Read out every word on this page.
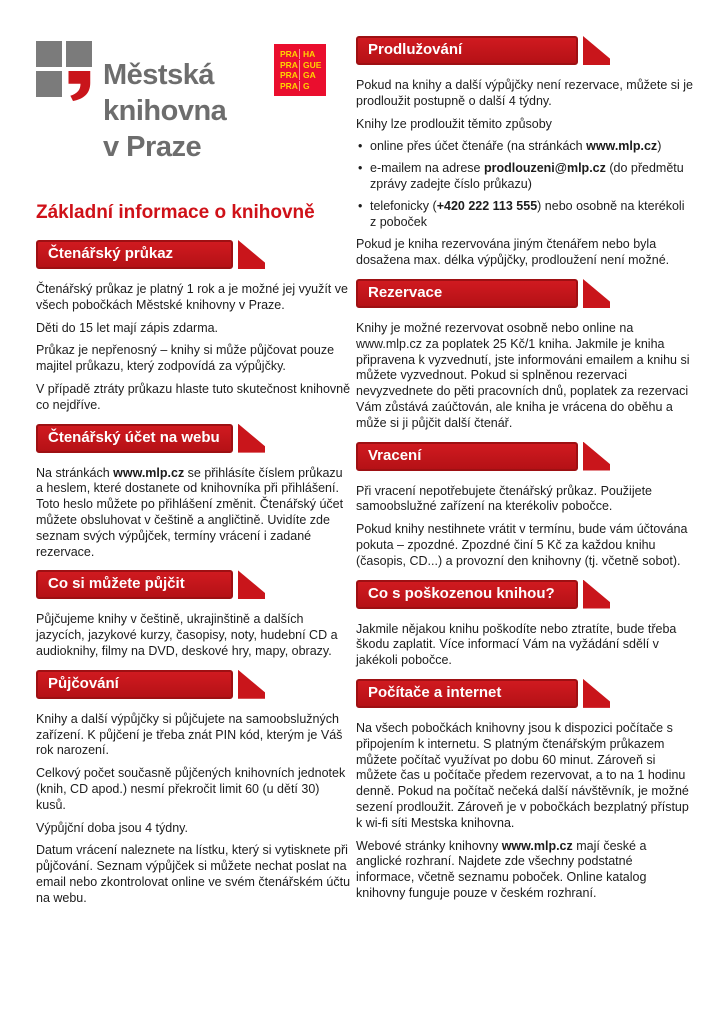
Městská
knihovna
v Praze
PRA HA
PRA GUE
PRA GA
PRA G
Základní informace o knihovně
Čtenářský průkaz

Čtenářský průkaz je platný 1 rok a je možné jej využít ve všech pobočkách Městské knihovny v Praze.

Děti do 15 let mají zápis zdarma.

Průkaz je nepřenosný – knihy si může půjčovat pouze majitel průkazu, který zodpovídá za výpůjčky.

V případě ztráty průkazu hlaste tuto skutečnost knihovně co nejdříve.

Čtenářský účet na webu

Na stránkách www.mlp.cz se přihlásíte číslem průkazu a heslem, které dostanete od knihovníka při přihlášení. Toto heslo můžete po přihlášení změnit. Čtenářský účet můžete obsluhovat v češtině a angličtině. Uvidíte zde seznam svých výpůjček, termíny vrácení i zadané rezervace.

Co si můžete půjčit

Půjčujeme knihy v češtině, ukrajinštině a dalších jazycích, jazykové kurzy, časopisy, noty, hudební CD a audioknihy, filmy na DVD, deskové hry, mapy, obrazy.

Půjčování

Knihy a další výpůjčky si půjčujete na samoobslužných zařízení. K půjčení je třeba znát PIN kód, kterým je Váš rok narození.

Celkový počet současně půjčených knihovních jednotek (knih, CD apod.) nesmí překročit limit 60 (u dětí 30) kusů.

Výpůjční doba jsou 4 týdny.

Datum vrácení naleznete na lístku, který si vytisknete při půjčování. Seznam výpůjček si můžete nechat poslat na email nebo zkontrolovat online ve svém čtenářském účtu na webu.

Prodlužování

Pokud na knihy a další výpůjčky není rezervace, můžete si je prodloužit postupně o další 4 týdny.

Knihy lze prodloužit těmito způsoby

• online přes účet čtenáře (na stránkách www.mlp.cz)
• e-mailem na adrese prodlouzeni@mlp.cz (do předmětu zprávy zadejte číslo průkazu)
• telefonicky (+420 222 113 555) nebo osobně na kterékoli z poboček

Pokud je kniha rezervována jiným čtenářem nebo byla dosažena max. délka výpůjčky, prodloužení není možné.

Rezervace

Knihy je možné rezervovat osobně nebo online na www.mlp.cz za poplatek 25 Kč/1 kniha. Jakmile je kniha připravena k vyzvednutí, jste informováni emailem a knihu si můžete vyzvednout. Pokud si splněnou rezervaci nevyzvednete do pěti pracovních dnů, poplatek za rezervaci Vám zůstává zaúčtován, ale kniha je vrácena do oběhu a může si ji půjčit další čtenář.

Vracení

Při vracení nepotřebujete čtenářský průkaz. Použijete samoobslužné zařízení na kterékoliv pobočce.

Pokud knihy nestihnete vrátit v termínu, bude vám účtována pokuta – zpozdné. Zpozdné činí 5 Kč za každou knihu (časopis, CD...) a provozní den knihovny (tj. včetně sobot).

Co s poškozenou knihou?

Jakmile nějakou knihu poškodíte nebo ztratíte, bude třeba škodu zaplatit. Více informací Vám na vyžádání sdělí v jakékoli pobočce.

Počítače a internet

Na všech pobočkách knihovny jsou k dispozici počítače s připojením k internetu. S platným čtenářským průkazem můžete počítač využívat po dobu 60 minut. Zároveň si můžete čas u počítače předem rezervovat, a to na 1 hodinu denně. Pokud na počítač nečeká další návštěvník, je možné sezení prodloužit. Zároveň je v pobočkách bezplatný přístup k wi-fi síti Mestska knihovna.

Webové stránky knihovny www.mlp.cz mají české a anglické rozhraní. Najdete zde všechny podstatné informace, včetně seznamu poboček. Online katalog knihovny funguje pouze v českém rozhraní.
